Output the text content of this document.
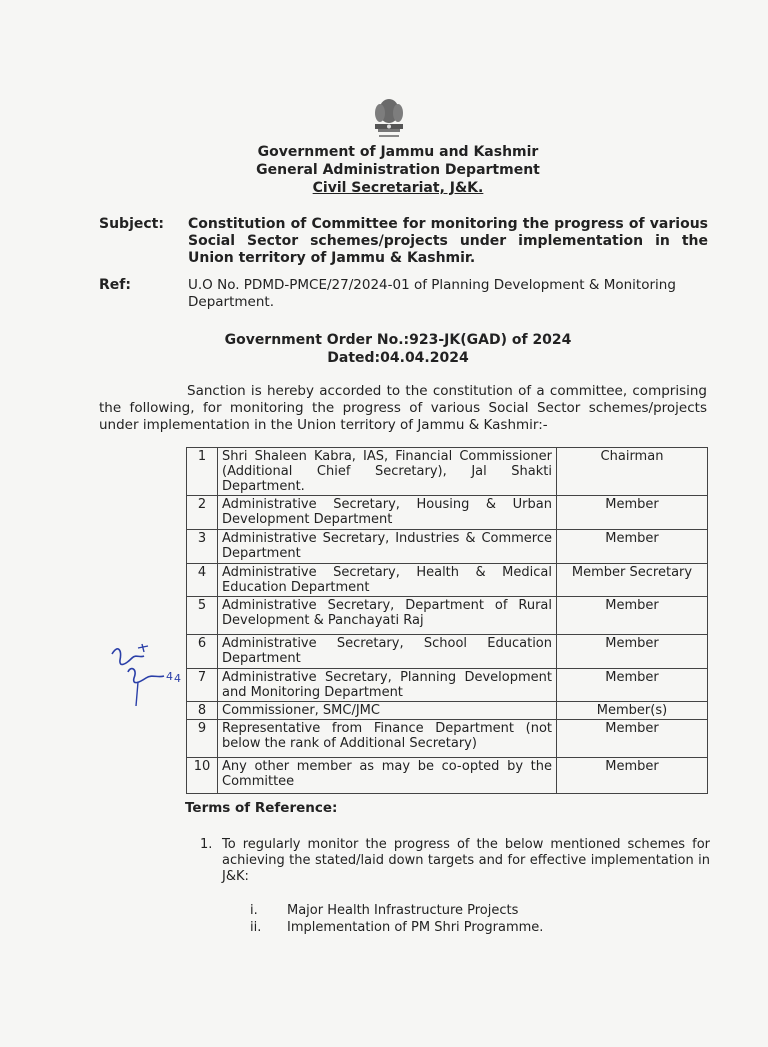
Government of Jammu and Kashmir
General Administration Department
Civil Secretariat, J&K.
Subject: Constitution of Committee for monitoring the progress of various Social Sector schemes/projects under implementation in the Union territory of Jammu & Kashmir.
Ref:	U.O No. PDMD-PMCE/27/2024-01 of Planning Development & Monitoring Department.
Government Order No.:923-JK(GAD) of 2024
Dated:04.04.2024
Sanction is hereby accorded to the constitution of a committee, comprising the following, for monitoring the progress of various Social Sector schemes/projects under implementation in the Union territory of Jammu & Kashmir:-
1	Shri Shaleen Kabra, IAS, Financial Commissioner (Additional Chief Secretary), Jal Shakti Department.	Chairman
2	Administrative Secretary, Housing & Urban Development Department	Member
3	Administrative Secretary, Industries & Commerce Department	Member
4	Administrative Secretary, Health & Medical Education Department	Member Secretary
5	Administrative Secretary, Department of Rural Development & Panchayati Raj	Member
6	Administrative Secretary, School Education Department	Member
7	Administrative Secretary, Planning Development and Monitoring Department	Member
8	Commissioner, SMC/JMC	Member(s)
9	Representative from Finance Department (not below the rank of Additional Secretary)	Member
10	Any other member as may be co-opted by the Committee	Member
4 4
Terms of Reference:
1. To regularly monitor the progress of the below mentioned schemes for achieving the stated/laid down targets and for effective implementation in J&K:
i. Major Health Infrastructure Projects
ii. Implementation of PM Shri Programme.
